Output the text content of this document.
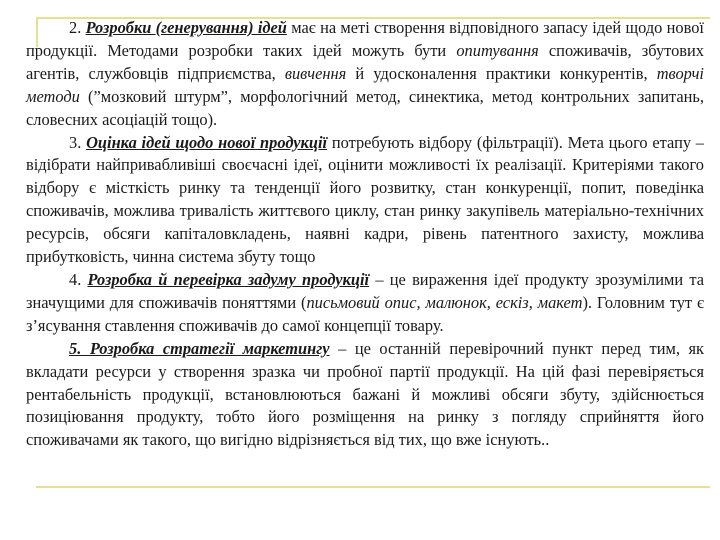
2. Розробки (генерування) ідей має на меті створення відповідного запасу ідей щодо нової продукції. Методами розробки таких ідей можуть бути опитування споживачів, збутових агентів, службовців підприємства, вивчення й удосконалення практики конкурентів, творчі методи (”мозковий штурм”, морфологічний метод, синектика, метод контрольних запитань, словесних асоціацій тощо).

3. Оцінка ідей щодо нової продукції потребують відбору (фільтрації). Мета цього етапу – відібрати найпривабливіші своєчасні ідеї, оцінити можливості їх реалізації. Критеріями такого відбору є місткість ринку та тенденції його розвитку, стан конкуренції, попит, поведінка споживачів, можлива тривалість життєвого циклу, стан ринку закупівель матеріально-технічних ресурсів, обсяги капіталовкладень, наявні кадри, рівень патентного захисту, можлива прибутковість, чинна система збуту тощо

4. Розробка й перевірка задуму продукції – це вираження ідеї продукту зрозумілими та значущими для споживачів поняттями (письмовий опис, малюнок, ескіз, макет). Головним тут є з’ясування ставлення споживачів до самої концепції товару.

5. Розробка стратегії маркетингу – це останній перевірочний пункт перед тим, як вкладати ресурси у створення зразка чи пробної партії продукції. На цій фазі перевіряється рентабельність продукції, встановлюються бажані й можливі обсяги збуту, здійснюється позиціювання продукту, тобто його розміщення на ринку з погляду сприйняття його споживачами як такого, що вигідно відрізняється від тих, що вже існують..
